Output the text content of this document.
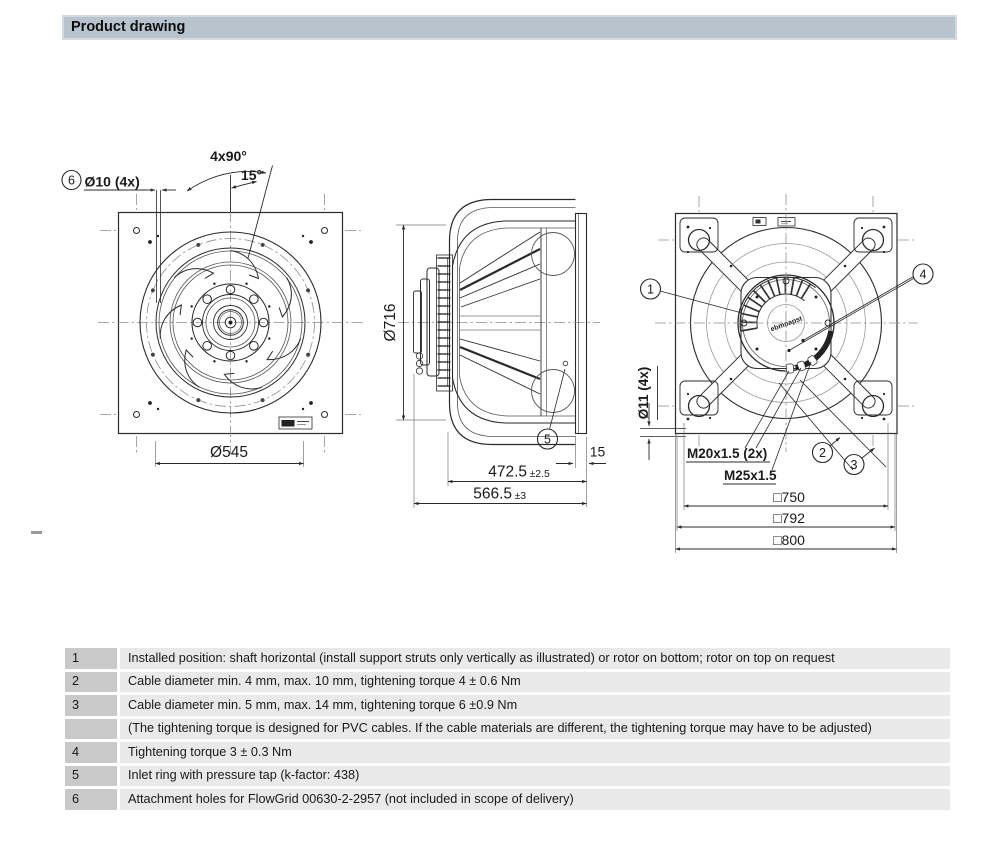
Product drawing
4x90°
15°
6 Ø10 (4x)
Ø545
5
Ø716
472.5 ±2.5
566.5 ±3
15
ebmpapst
1
4
2
3
Ø11 (4x)
M20x1.5 (2x)
M25x1.5
□750
□792
□800
1	Installed position: shaft horizontal (install support struts only vertically as illustrated) or rotor on bottom; rotor on top on request
2	Cable diameter min. 4 mm, max. 10 mm, tightening torque 4 ± 0.6 Nm
3	Cable diameter min. 5 mm, max. 14 mm, tightening torque 6 ±0.9 Nm
(The tightening torque is designed for PVC cables. If the cable materials are different, the tightening torque may have to be adjusted)
4	Tightening torque 3 ± 0.3 Nm
5	Inlet ring with pressure tap (k-factor: 438)
6	Attachment holes for FlowGrid 00630-2-2957 (not included in scope of delivery)
